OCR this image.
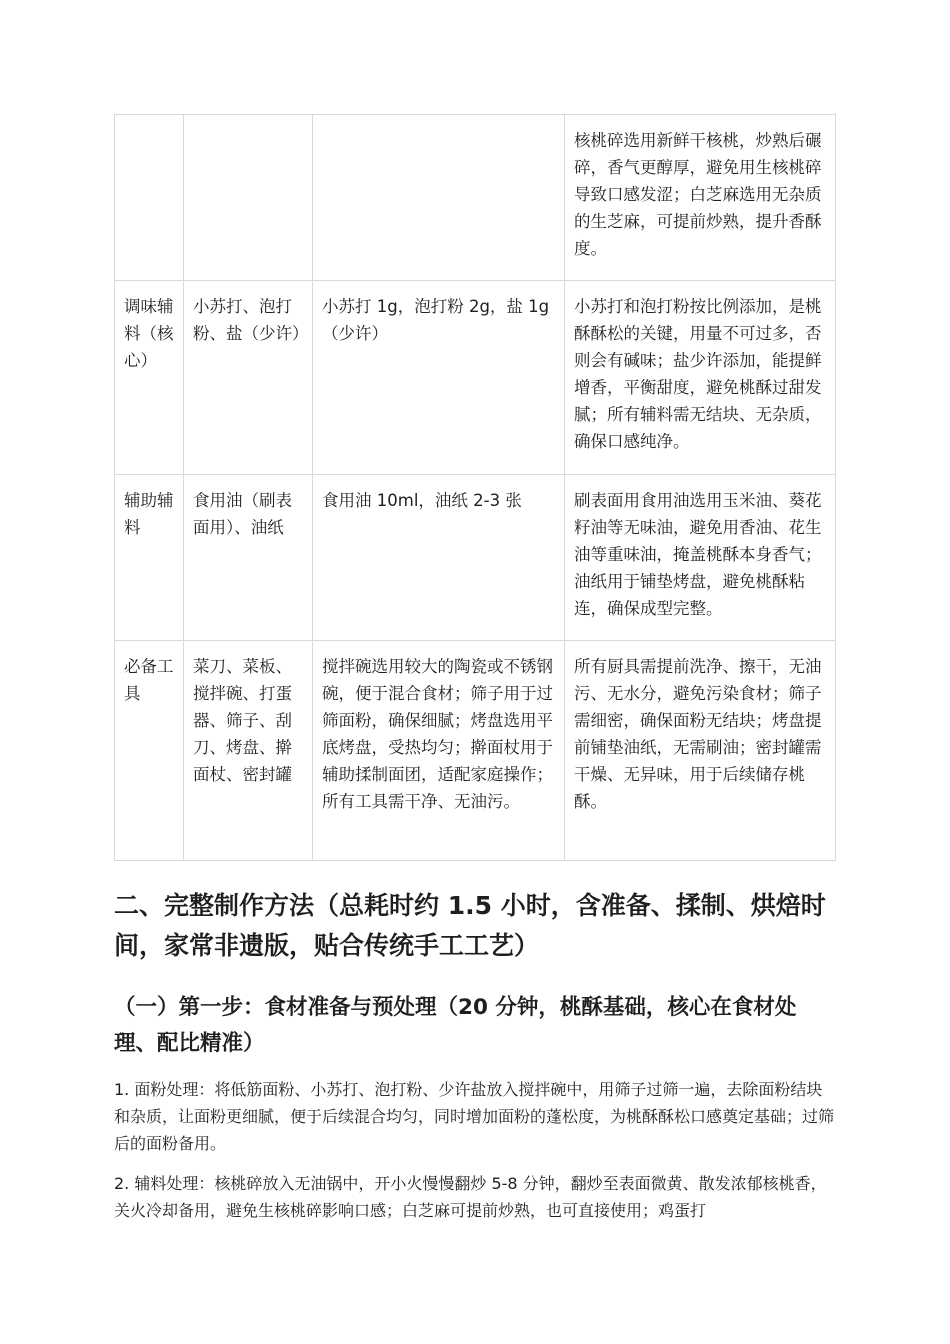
			核桃碎选用新鲜干核桃，炒熟后碾碎，香气更醇厚，避免用生核桃碎导致口感发涩；白芝麻选用无杂质的生芝麻，可提前炒熟，提升香酥度。
调味辅料（核心）	小苏打、泡打粉、盐（少许）	小苏打 1g，泡打粉 2g，盐 1g（少许）	小苏打和泡打粉按比例添加，是桃酥酥松的关键，用量不可过多，否则会有碱味；盐少许添加，能提鲜增香，平衡甜度，避免桃酥过甜发腻；所有辅料需无结块、无杂质，确保口感纯净。
辅助辅料	食用油（刷表面用）、油纸	食用油 10ml，油纸 2-3 张	刷表面用食用油选用玉米油、葵花籽油等无味油，避免用香油、花生油等重味油，掩盖桃酥本身香气；油纸用于铺垫烤盘，避免桃酥粘连，确保成型完整。
必备工具	菜刀、菜板、搅拌碗、打蛋器、筛子、刮刀、烤盘、擀面杖、密封罐	搅拌碗选用较大的陶瓷或不锈钢碗，便于混合食材；筛子用于过筛面粉，确保细腻；烤盘选用平底烤盘，受热均匀；擀面杖用于辅助揉制面团，适配家庭操作；所有工具需干净、无油污。	所有厨具需提前洗净、擦干，无油污、无水分，避免污染食材；筛子需细密，确保面粉无结块；烤盘提前铺垫油纸，无需刷油；密封罐需干燥、无异味，用于后续储存桃酥。
二、完整制作方法（总耗时约 1.5 小时，含准备、揉制、烘焙时间，家常非遗版，贴合传统手工工艺）
（一）第一步：食材准备与预处理（20 分钟，桃酥基础，核心在食材处理、配比精准）

1. 面粉处理：将低筋面粉、小苏打、泡打粉、少许盐放入搅拌碗中，用筛子过筛一遍，去除面粉结块和杂质，让面粉更细腻，便于后续混合均匀，同时增加面粉的蓬松度，为桃酥酥松口感奠定基础；过筛后的面粉备用。

2. 辅料处理：核桃碎放入无油锅中，开小火慢慢翻炒 5-8 分钟，翻炒至表面微黄、散发浓郁核桃香，关火冷却备用，避免生核桃碎影响口感；白芝麻可提前炒熟，也可直接使用；鸡蛋打
